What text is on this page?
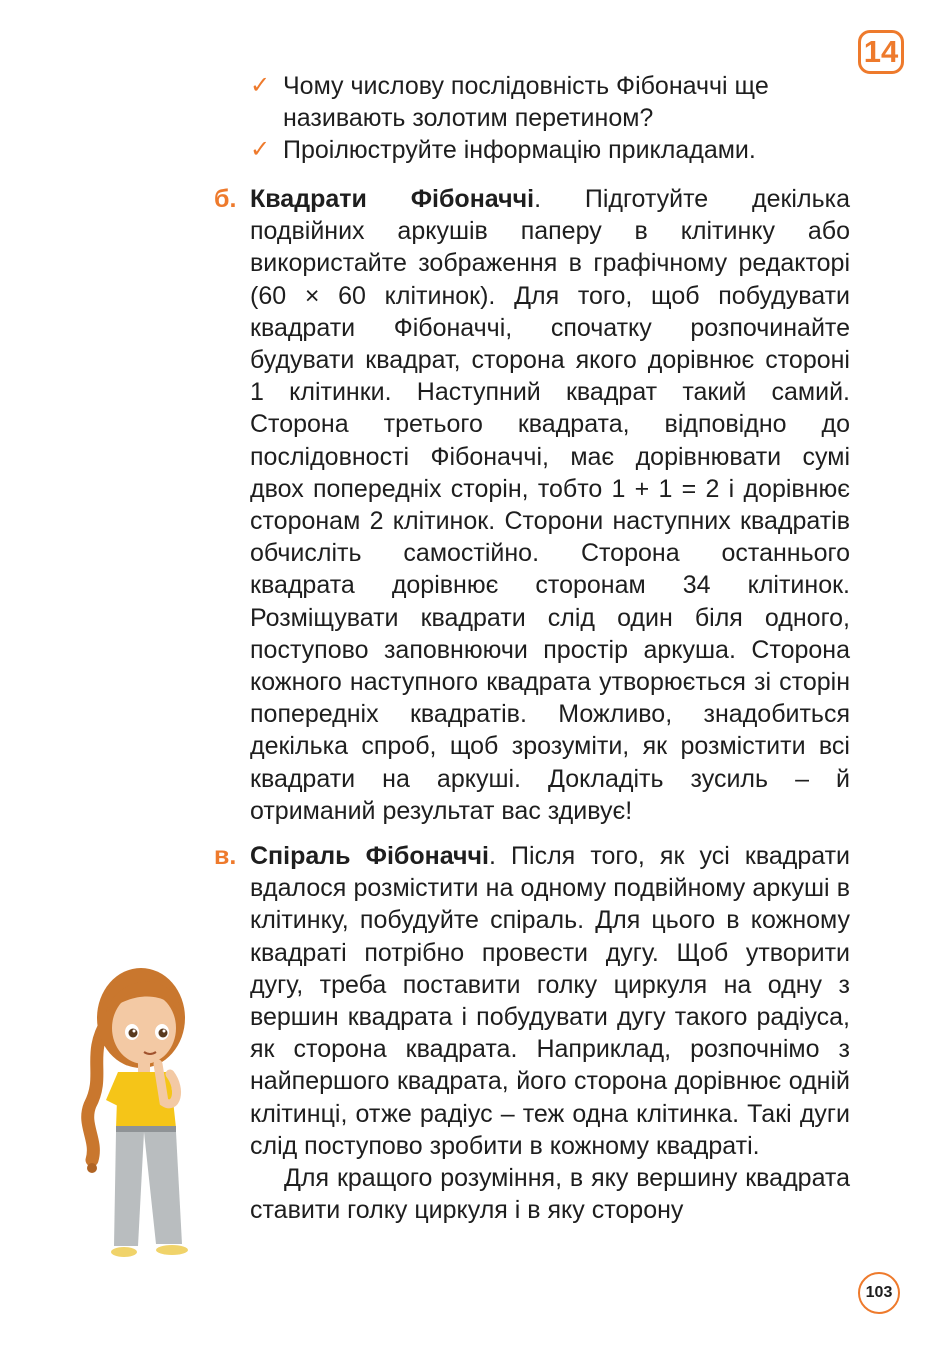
14
✓ Чому числову послідовність Фібоначчі ще називають золотим перетином?
✓ Проілюструйте інформацію прикладами.
б. Квадрати Фібоначчі. Підготуйте декілька подвійних аркушів паперу в клітинку або використайте зображення в графічному редакторі (60 × 60 клітинок). Для того, щоб побудувати квадрати Фібоначчі, спочатку розпочинайте будувати квадрат, сторона якого дорівнює стороні 1 клітинки. Наступний квадрат такий самий. Сторона третього квадрата, відповідно до послідовності Фібоначчі, має дорівнювати сумі двох попередніх сторін, тобто 1 + 1 = 2 і дорівнює сторонам 2 клітинок. Сторони наступних квадратів обчисліть самостійно. Сторона останнього квадрата дорівнює сторонам 34 клітинок. Розміщувати квадрати слід один біля одного, поступово заповнюючи простір аркуша. Сторона кожного наступного квадрата утворюється зі сторін попередніх квадратів. Можливо, знадобиться декілька спроб, щоб зрозуміти, як розмістити всі квадрати на аркуші. Докладіть зусиль – й отриманий результат вас здивує!

в. Спіраль Фібоначчі. Після того, як усі квадрати вдалося розмістити на одному подвійному аркуші в клітинку, побудуйте спіраль. Для цього в кожному квадраті потрібно провести дугу. Щоб утворити дугу, треба поставити голку циркуля на одну з вершин квадрата і побудувати дугу такого радіуса, як сторона квадрата. Наприклад, розпочнімо з найпершого квадрата, його сторона дорівнює одній клітинці, отже радіус – теж одна клітинка. Такі дуги слід поступово зробити в кожному квадраті.

Для кращого розуміння, в яку вершину квадрата ставити голку циркуля і в яку сторону

103
